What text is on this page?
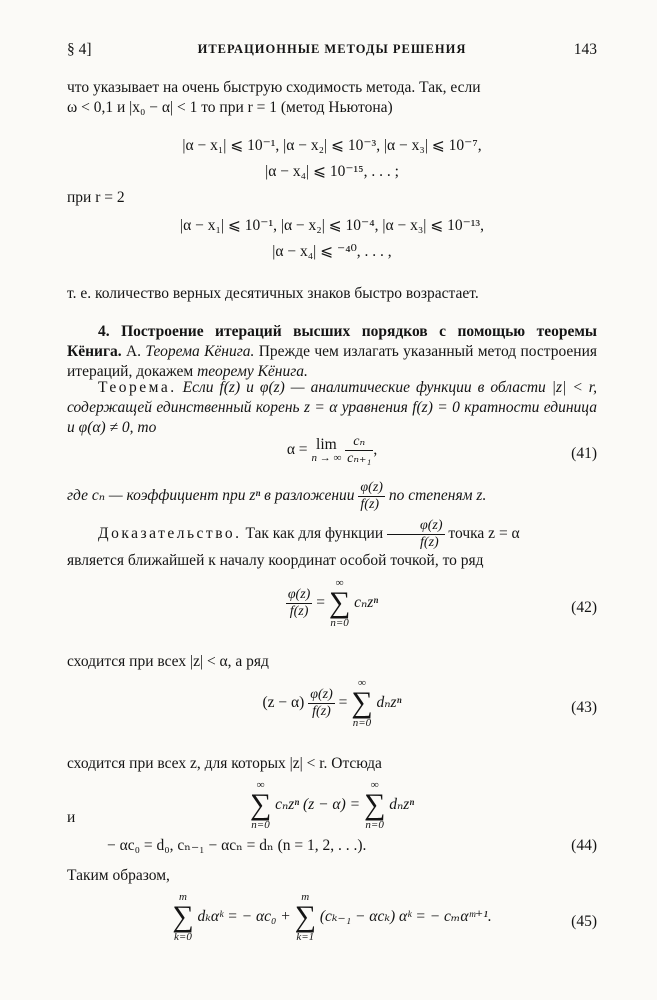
§ 4]	ИТЕРАЦИОННЫЕ МЕТОДЫ РЕШЕНИЯ	143

что указывает на очень быструю сходимость метода. Так, если

ω < 0,1 и |x₀ − α| < 1 то при r = 1 (метод Ньютона)

|α − x₁| ⩽ 10⁻¹, |α − x₂| ⩽ 10⁻³, |α − x₃| ⩽ 10⁻⁷,
|α − x₄| ⩽ 10⁻¹⁵, . . . ;
при r = 2
|α − x₁| ⩽ 10⁻¹, |α − x₂| ⩽ 10⁻⁴, |α − x₃| ⩽ 10⁻¹³,
|α − x₄| ⩽ ⁻⁴⁰, . . . ,
т. е. количество верных десятичных знаков быстро возрастает.

4. Построение итераций высших порядков с помощью теоремы Кёнига. А. Теорема Кёнига. Прежде чем излагать указанный метод построения итераций, докажем теорему Кёнига.

Теорема. Если f(z) и φ(z) — аналитические функции в области |z| < r, содержащей единственный корень z = α уравнения f(z) = 0 кратности единица и φ(α) ≠ 0, то

α = lim
n → ∞
$\frac{\text{cₙ}}{\text{cₙ₊₁}}$ ,	(41)

где cₙ — коэффициент при zⁿ в разложении $\frac{\varphi(z)}{f(z)}$ по степеням z.

Доказательство. Так как для функции $\frac{\varphi(z)}{f(z)}$ точка z = α

является ближайшей к началу координат особой точкой, то ряд

$\frac{\varphi(z)}{f(z)}$ =
∞
∑
n=0
cₙzⁿ	(42)
сходится при всех |z| < α, а ряд
$(z - \alpha) \frac{\varphi(z)}{f(z)}$ =
∞
∑
n=0
dₙzⁿ	(43)
сходится при всех z, для которых |z| < r. Отсюда
∞
∑
n=0
cₙzⁿ (z − α) =
∞
∑
n=0
dₙzⁿ
и
− αc₀ = d₀, cₙ₋₁ − αcₙ = dₙ (n = 1, 2, . . .).	(44)
Таким образом,
m
∑
k=0
dₖαᵏ = − αc₀ +
m
∑
k=1
(cₖ₋₁ − αcₖ) αᵏ = − cₘαᵐ⁺¹.	(45)
